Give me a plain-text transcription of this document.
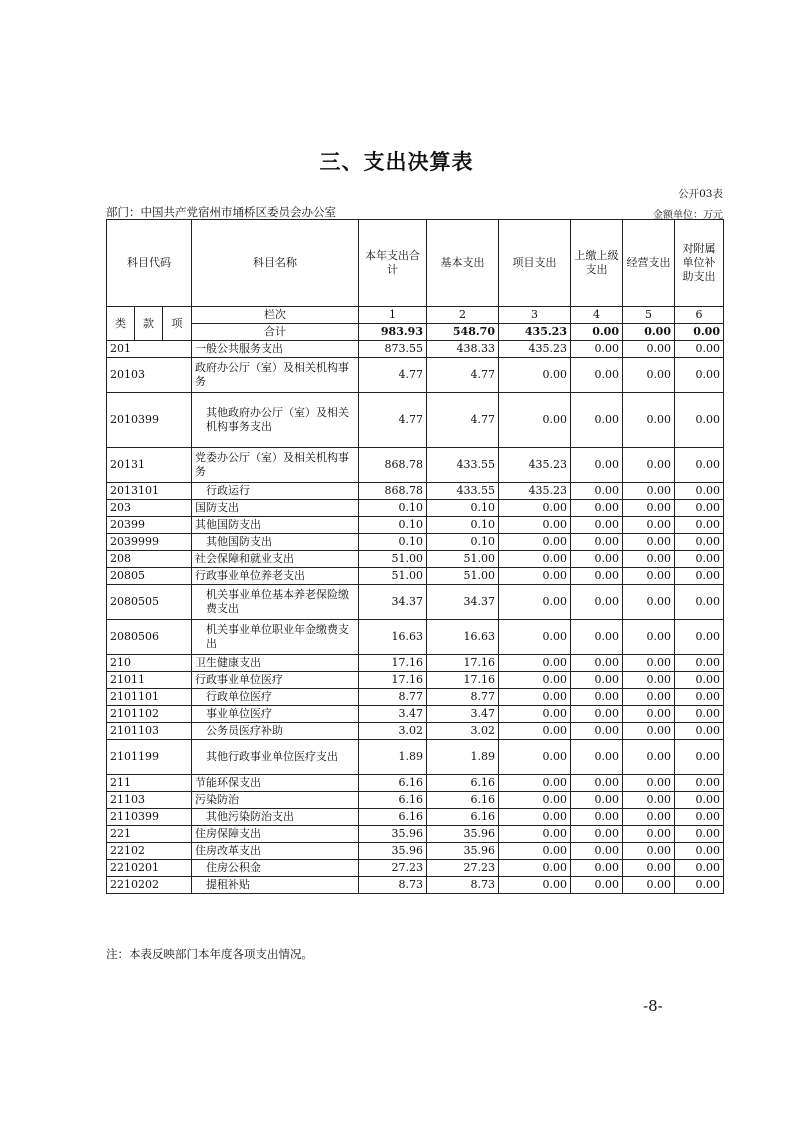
三、支出决算表
公开03表
部门：中国共产党宿州市埇桥区委员会办公室	金额单位：万元
科目代码			科目名称	本年支出合计	基本支出	项目支出	上缴上级支出	经营支出	对附属单位补助支出
类	款	项	栏次	1	2	3	4	5	6
			合计	983.93	548.70	435.23	0.00	0.00	0.00
201			一般公共服务支出	873.55	438.33	435.23	0.00	0.00	0.00
20103			政府办公厅（室）及相关机构事务	4.77	4.77	0.00	0.00	0.00	0.00
2010399			其他政府办公厅（室）及相关机构事务支出	4.77	4.77	0.00	0.00	0.00	0.00
20131			党委办公厅（室）及相关机构事务	868.78	433.55	435.23	0.00	0.00	0.00
2013101			行政运行	868.78	433.55	435.23	0.00	0.00	0.00
203			国防支出	0.10	0.10	0.00	0.00	0.00	0.00
20399			其他国防支出	0.10	0.10	0.00	0.00	0.00	0.00
2039999			其他国防支出	0.10	0.10	0.00	0.00	0.00	0.00
208			社会保障和就业支出	51.00	51.00	0.00	0.00	0.00	0.00
20805			行政事业单位养老支出	51.00	51.00	0.00	0.00	0.00	0.00
2080505			机关事业单位基本养老保险缴费支出	34.37	34.37	0.00	0.00	0.00	0.00
2080506			机关事业单位职业年金缴费支出	16.63	16.63	0.00	0.00	0.00	0.00
210			卫生健康支出	17.16	17.16	0.00	0.00	0.00	0.00
21011			行政事业单位医疗	17.16	17.16	0.00	0.00	0.00	0.00
2101101			行政单位医疗	8.77	8.77	0.00	0.00	0.00	0.00
2101102			事业单位医疗	3.47	3.47	0.00	0.00	0.00	0.00
2101103			公务员医疗补助	3.02	3.02	0.00	0.00	0.00	0.00
2101199			其他行政事业单位医疗支出	1.89	1.89	0.00	0.00	0.00	0.00
211			节能环保支出	6.16	6.16	0.00	0.00	0.00	0.00
21103			污染防治	6.16	6.16	0.00	0.00	0.00	0.00
2110399			其他污染防治支出	6.16	6.16	0.00	0.00	0.00	0.00
221			住房保障支出	35.96	35.96	0.00	0.00	0.00	0.00
22102			住房改革支出	35.96	35.96	0.00	0.00	0.00	0.00
2210201			住房公积金	27.23	27.23	0.00	0.00	0.00	0.00
2210202			提租补贴	8.73	8.73	0.00	0.00	0.00	0.00
注：本表反映部门本年度各项支出情况。
-8-
